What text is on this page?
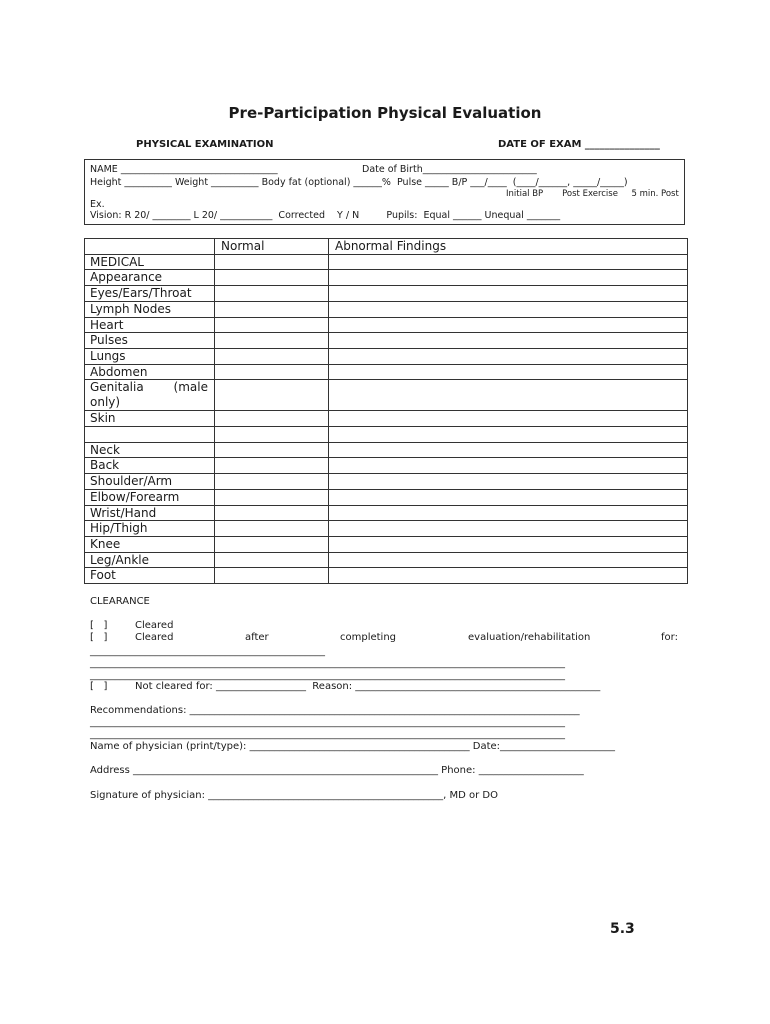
Pre-Participation Physical Evaluation
PHYSICAL EXAMINATION	DATE OF EXAM _______________
NAME _________________________________	Date of Birth________________________
Height __________ Weight __________ Body fat (optional) ______%  Pulse _____ B/P ___/____  (____/______, _____/_____)
Initial BP       Post Exercise     5 min. Post
Ex.
Vision: R 20/ ________ L 20/ ___________  Corrected    Y / N         Pupils:  Equal ______ Unequal _______
	Normal	Abnormal Findings
MEDICAL		
Appearance		
Eyes/Ears/Throat		
Lymph Nodes		
Heart		
Pulses		
Lungs		
Abdomen		

Genitalia (male
only)		

Skin		

Neck		
Back		
Shoulder/Arm		
Elbow/Forearm		
Wrist/Hand		
Hip/Thigh		
Knee		
Leg/Ankle		
Foot		
CLEARANCE
[   ]	Cleared
[   ]	Cleared	after	completing	evaluation/rehabilitation	for:
_______________________________________________
_______________________________________________________________________________________________
_______________________________________________________________________________________________
[   ]	Not cleared for: __________________  Reason: _________________________________________________
Recommendations: ______________________________________________________________________________
_______________________________________________________________________________________________
_______________________________________________________________________________________________
Name of physician (print/type): ____________________________________________ Date:_______________________
Address _____________________________________________________________ Phone: _____________________
Signature of physician: _______________________________________________, MD or DO
5.3
